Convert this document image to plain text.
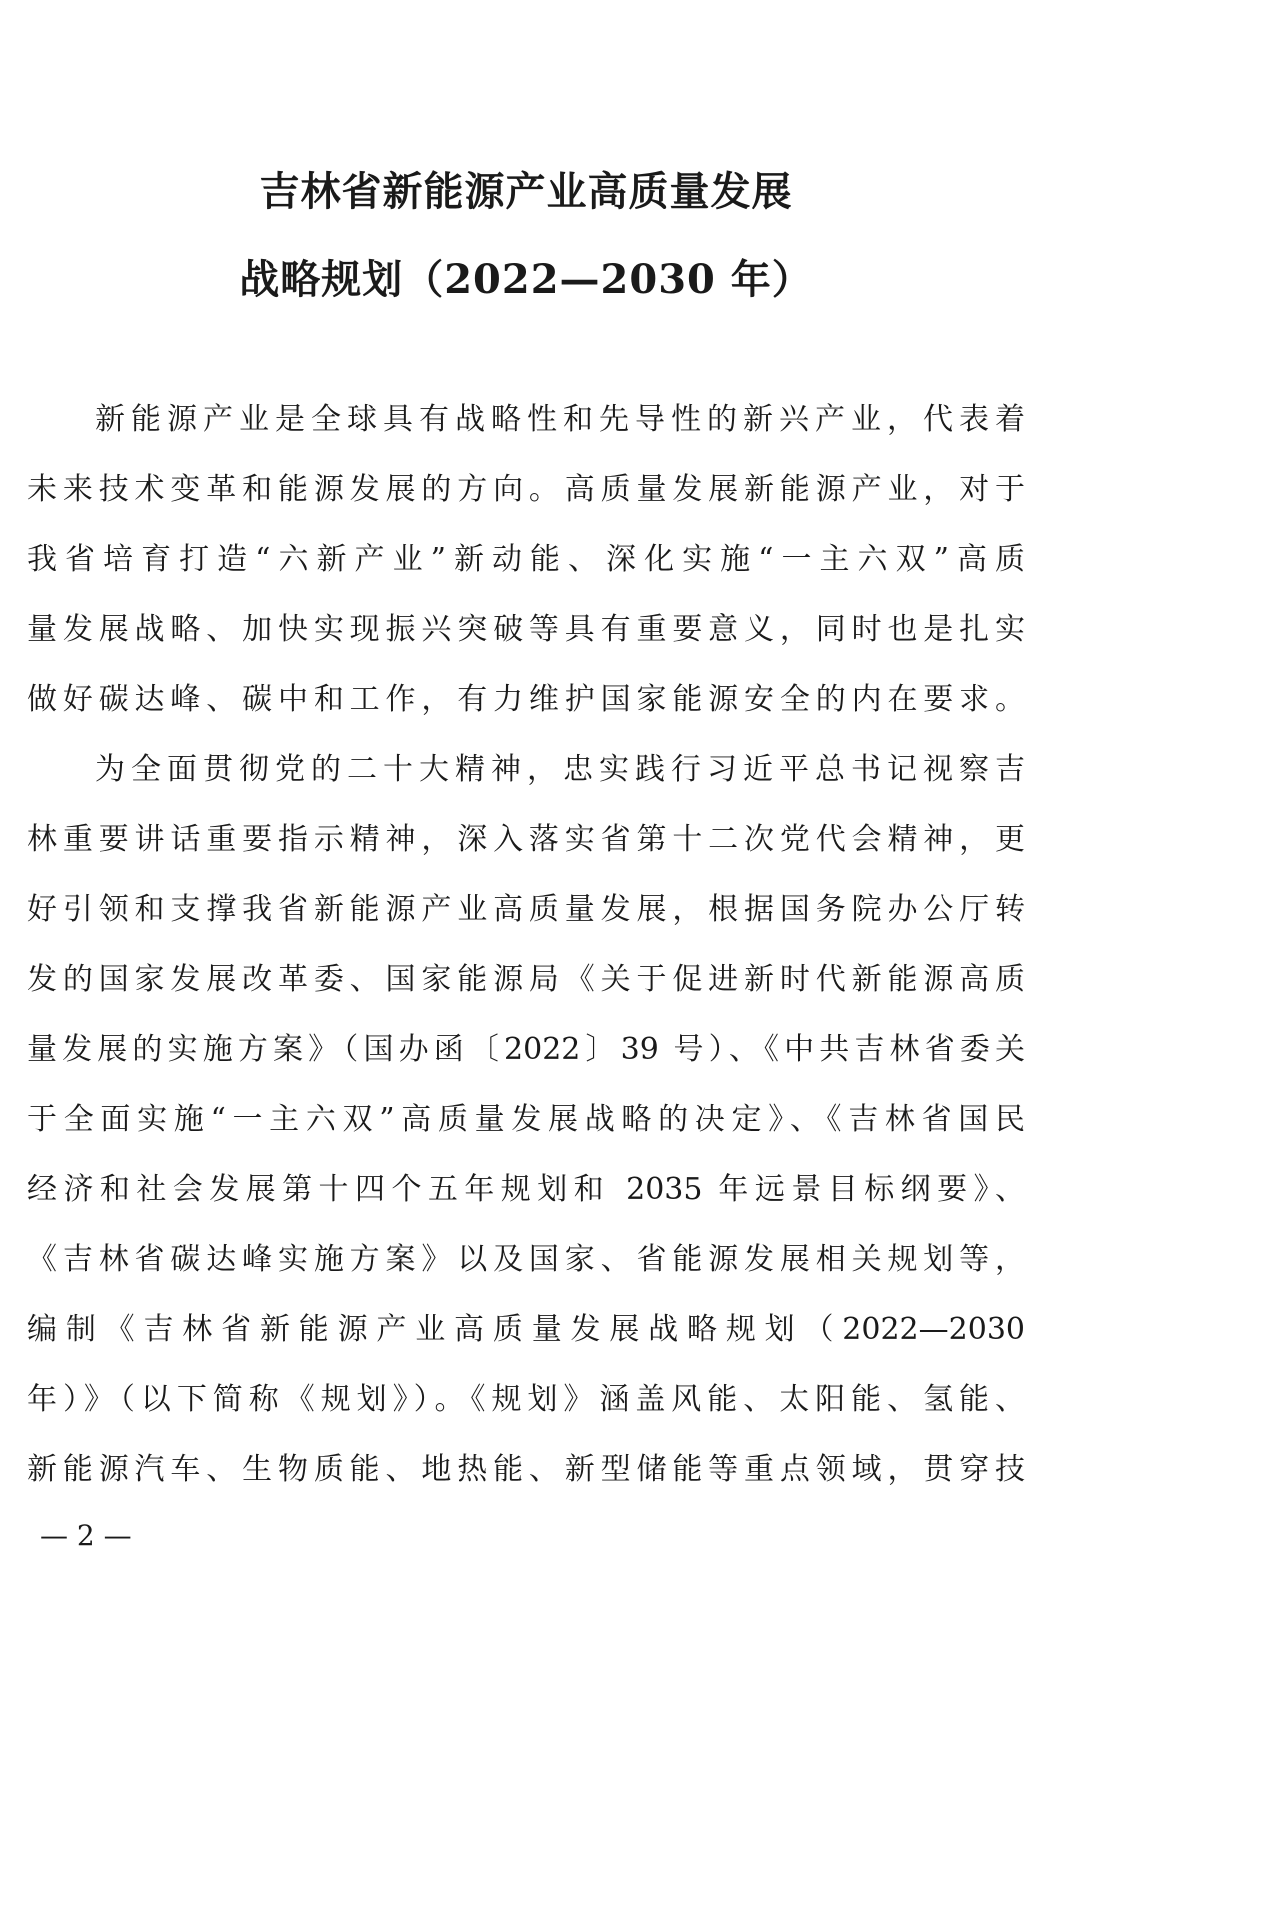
吉林省新能源产业高质量发展
战略规划（2022—2030 年）
新能源产业是全球具有战略性和先导性的新兴产业，代表着
未来技术变革和能源发展的方向。高质量发展新能源产业，对于
我省培育打造“六新产业”新动能、深化实施“一主六双”高质
量发展战略、加快实现振兴突破等具有重要意义，同时也是扎实
做好碳达峰、碳中和工作，有力维护国家能源安全的内在要求。
为全面贯彻党的二十大精神，忠实践行习近平总书记视察吉
林重要讲话重要指示精神，深入落实省第十二次党代会精神，更
好引领和支撑我省新能源产业高质量发展，根据国务院办公厅转
发的国家发展改革委、国家能源局《关于促进新时代新能源高质
量发展的实施方案》（国办函〔2022〕39 号）、《中共吉林省委关
于全面实施“一主六双”高质量发展战略的决定》、《吉林省国民
经济和社会发展第十四个五年规划和 2035 年远景目标纲要》、
《吉林省碳达峰实施方案》以及国家、省能源发展相关规划等，
编制《吉林省新能源产业高质量发展战略规划（2022—2030
年）》（以下简称《规划》）。《规划》涵盖风能、太阳能、氢能、
新能源汽车、生物质能、地热能、新型储能等重点领域，贯穿技
— 2 —
